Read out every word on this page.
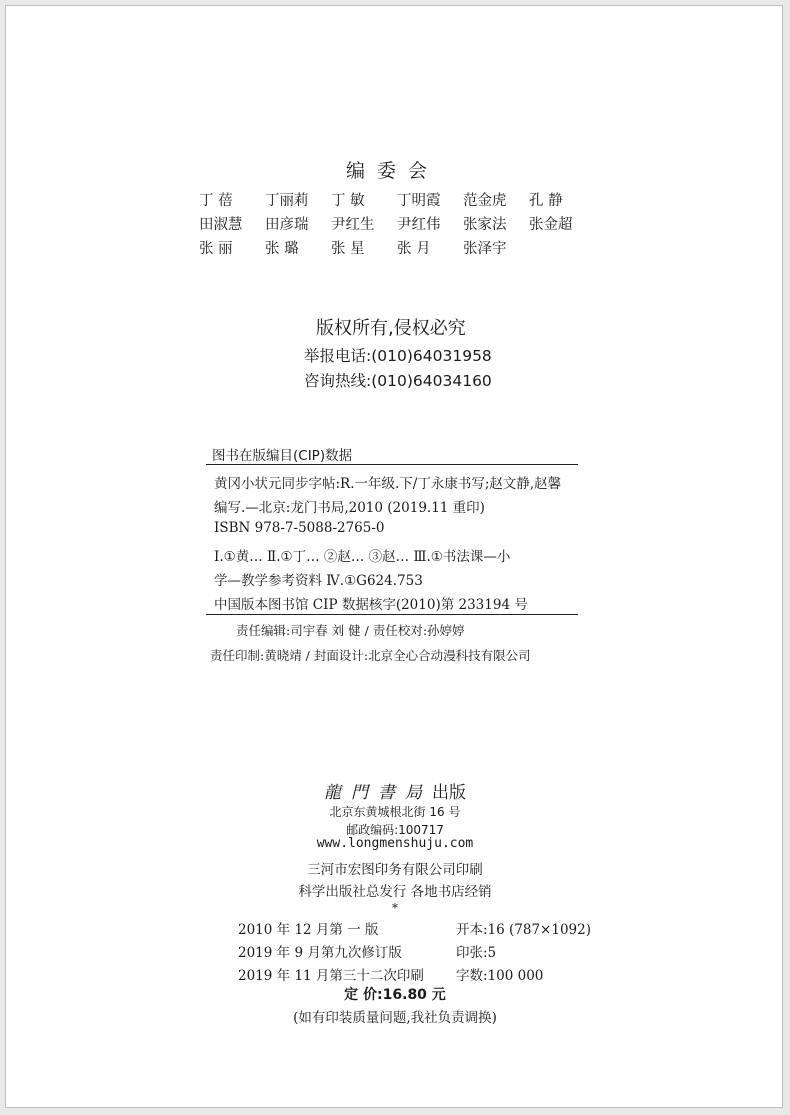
编委会
丁 蓓 丁丽莉 丁 敏 丁明霞 范金虎 孔 静
田淑慧 田彦瑞 尹红生 尹红伟 张家法 张金超
张 丽 张 璐 张 星 张 月 张泽宇
版权所有,侵权必究
举报电话:(010)64031958
咨询热线:(010)64034160
图书在版编目(CIP)数据
黄冈小状元同步字帖:R.一年级.下/丁永康书写;赵文静,赵馨
编写.—北京:龙门书局,2010 (2019.11 重印)
ISBN 978-7-5088-2765-0
Ⅰ.①黄… Ⅱ.①丁… ②赵… ③赵… Ⅲ.①书法课—小
学—教学参考资料 Ⅳ.①G624.753
中国版本图书馆 CIP 数据核字(2010)第 233194 号
责任编辑:司宇春 刘 健 / 责任校对:孙婷婷
责任印制:黄晓靖 / 封面设计:北京全心合动漫科技有限公司
龍門書局出版
北京东黄城根北街 16 号
邮政编码:100717
www.longmenshuju.com
三河市宏图印务有限公司印刷
科学出版社总发行 各地书店经销
*
2010 年 12 月第 一 版	开本:16 (787×1092)
2019 年 9 月第九次修订版	印张:5
2019 年 11 月第三十二次印刷 字数:100 000
定 价:16.80 元
(如有印装质量问题,我社负责调换)
